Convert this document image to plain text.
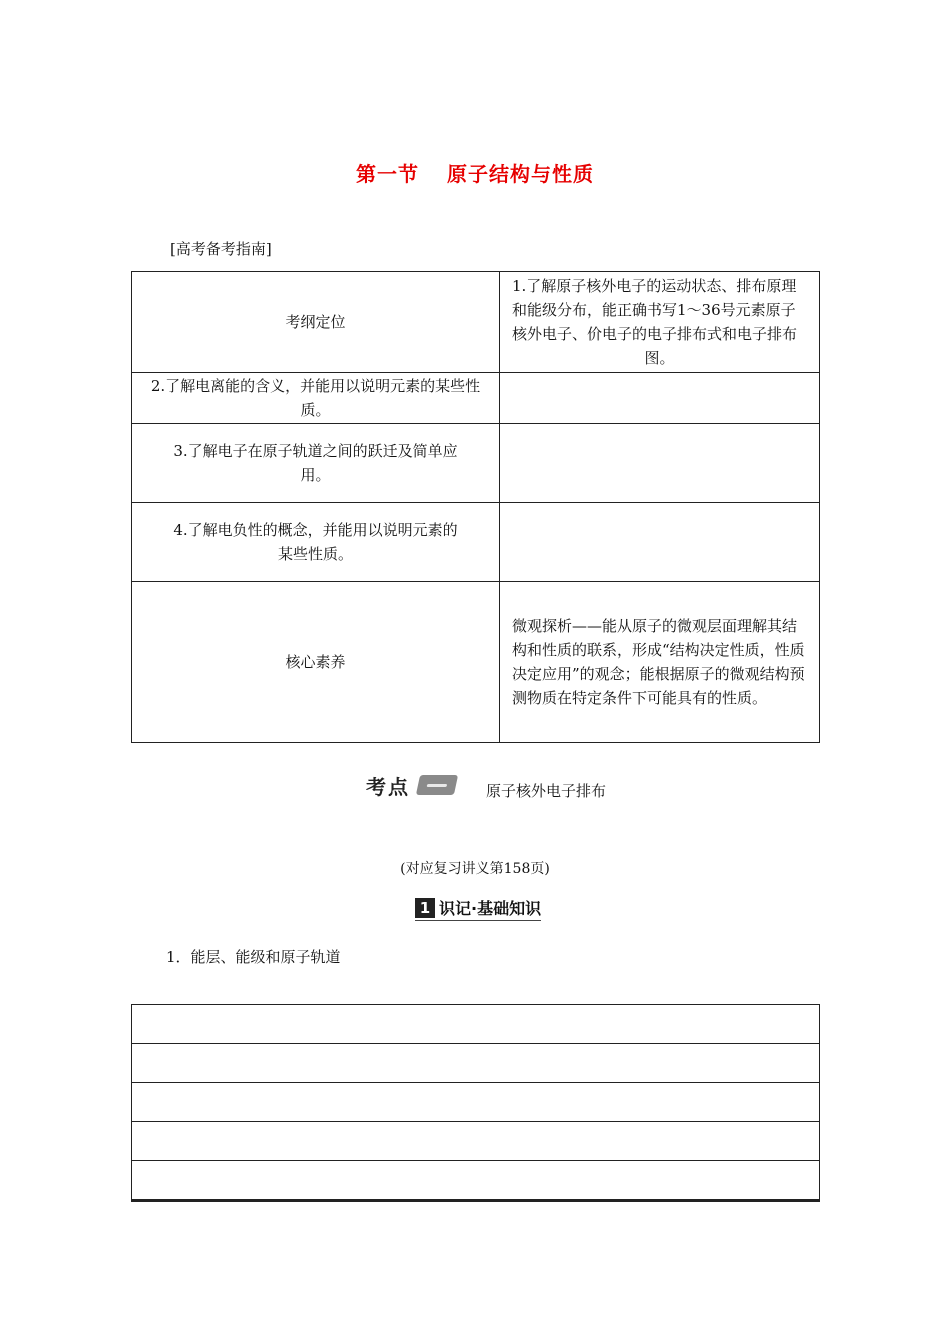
第一节 原子结构与性质
[高考备考指南]
考纲定位	1.了解原子核外电子的运动状态、排布原理和能级分布，能正确书写1～36号元素原子核外电子、价电子的电子排布式和电子排布
图。

2.了解电离能的含义，并能用以说明元素的某些性质。	

3.了解电子在原子轨道之间的跃迁及简单应
用。	

4.了解电负性的概念，并能用以说明元素的
某些性质。	

核心素养	微观探析——能从原子的微观层面理解其结构和性质的联系，形成“结构决定性质，性质决定应用”的观念；能根据原子的微观结构预测物质在特定条件下可能具有的性质。
考点	原子核外电子排布
(对应复习讲义第158页)
1 识记·基础知识
1．能层、能级和原子轨道
